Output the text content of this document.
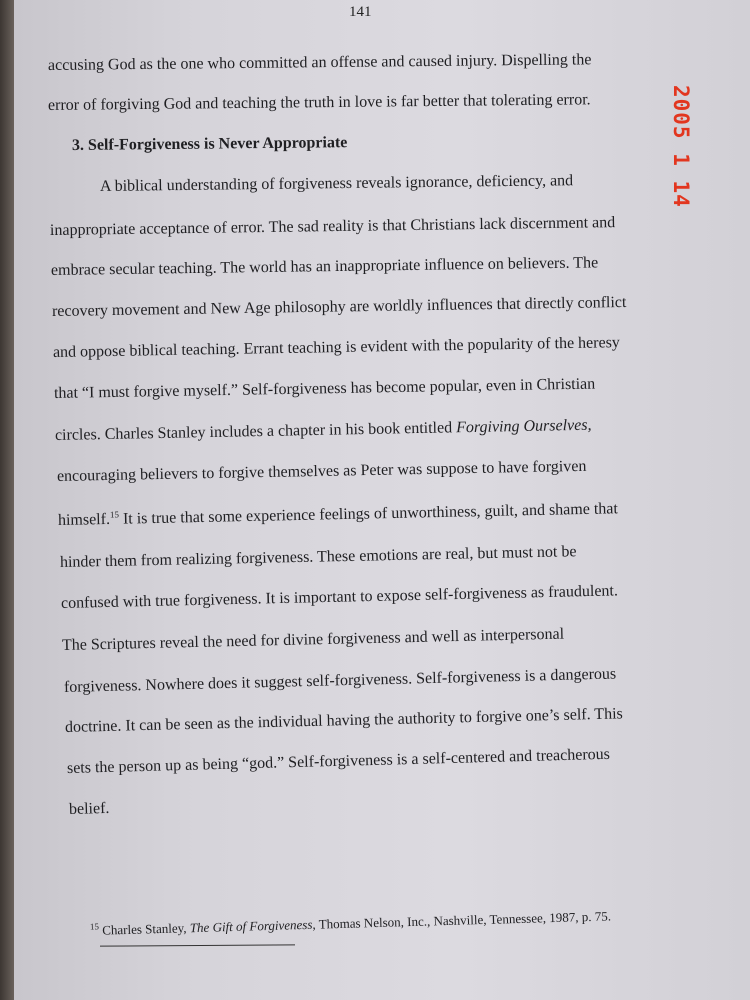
141
accusing God as the one who committed an offense and caused injury. Dispelling the
error of forgiving God and teaching the truth in love is far better that tolerating error.
3. Self-Forgiveness is Never Appropriate
A biblical understanding of forgiveness reveals ignorance, deficiency, and
inappropriate acceptance of error. The sad reality is that Christians lack discernment and
embrace secular teaching. The world has an inappropriate influence on believers. The
recovery movement and New Age philosophy are worldly influences that directly conflict
and oppose biblical teaching. Errant teaching is evident with the popularity of the heresy
that “I must forgive myself.” Self-forgiveness has become popular, even in Christian
circles. Charles Stanley includes a chapter in his book entitled Forgiving Ourselves,
encouraging believers to forgive themselves as Peter was suppose to have forgiven
himself.$^{15}$ It is true that some experience feelings of unworthiness, guilt, and shame that
hinder them from realizing forgiveness. These emotions are real, but must not be
confused with true forgiveness. It is important to expose self-forgiveness as fraudulent.
The Scriptures reveal the need for divine forgiveness and well as interpersonal
forgiveness. Nowhere does it suggest self-forgiveness. Self-forgiveness is a dangerous
doctrine. It can be seen as the individual having the authority to forgive one’s self. This
sets the person up as being “god.” Self-forgiveness is a self-centered and treacherous
belief.
$^{15}$ Charles Stanley, The Gift of Forgiveness, Thomas Nelson, Inc., Nashville, Tennessee, 1987, p. 75.
2005 1 14
